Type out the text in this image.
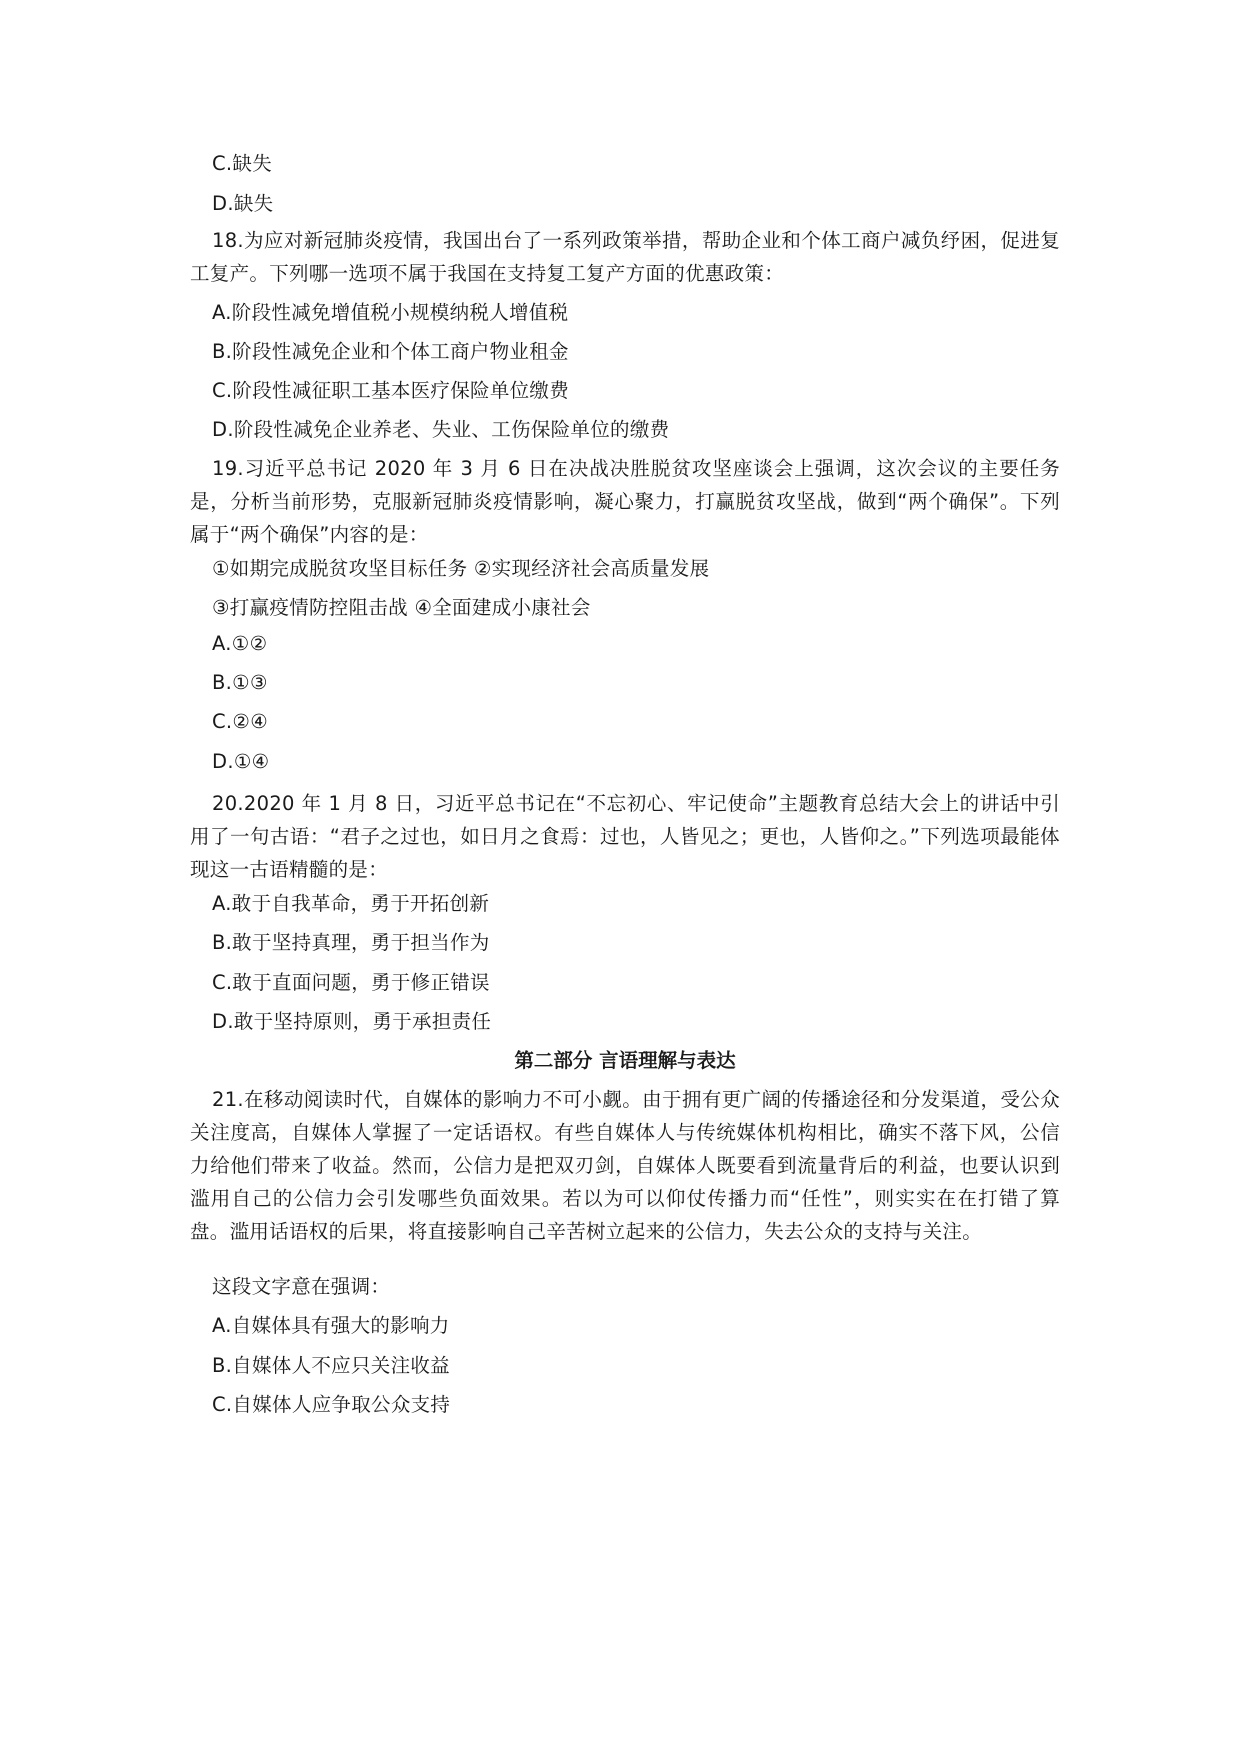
C.缺失
D.缺失
18.为应对新冠肺炎疫情，我国出台了一系列政策举措，帮助企业和个体工商户减负纾困，促进复工复产。下列哪一选项不属于我国在支持复工复产方面的优惠政策：
A.阶段性减免增值税小规模纳税人增值税
B.阶段性减免企业和个体工商户物业租金
C.阶段性减征职工基本医疗保险单位缴费
D.阶段性减免企业养老、失业、工伤保险单位的缴费
19.习近平总书记 2020 年 3 月 6 日在决战决胜脱贫攻坚座谈会上强调，这次会议的主要任务是，分析当前形势，克服新冠肺炎疫情影响，凝心聚力，打赢脱贫攻坚战，做到“两个确保”。下列属于“两个确保”内容的是：
①如期完成脱贫攻坚目标任务 ②实现经济社会高质量发展
③打赢疫情防控阻击战 ④全面建成小康社会
A.①②
B.①③
C.②④
D.①④
20.2020 年 1 月 8 日，习近平总书记在“不忘初心、牢记使命”主题教育总结大会上的讲话中引用了一句古语：“君子之过也，如日月之食焉：过也，人皆见之；更也，人皆仰之。”下列选项最能体现这一古语精髓的是：
A.敢于自我革命，勇于开拓创新
B.敢于坚持真理，勇于担当作为
C.敢于直面问题，勇于修正错误
D.敢于坚持原则，勇于承担责任
第二部分 言语理解与表达
21.在移动阅读时代，自媒体的影响力不可小觑。由于拥有更广阔的传播途径和分发渠道，受公众关注度高，自媒体人掌握了一定话语权。有些自媒体人与传统媒体机构相比，确实不落下风，公信力给他们带来了收益。然而，公信力是把双刃剑，自媒体人既要看到流量背后的利益，也要认识到滥用自己的公信力会引发哪些负面效果。若以为可以仰仗传播力而“任性”，则实实在在打错了算盘。滥用话语权的后果，将直接影响自己辛苦树立起来的公信力，失去公众的支持与关注。
这段文字意在强调：
A.自媒体具有强大的影响力
B.自媒体人不应只关注收益
C.自媒体人应争取公众支持
